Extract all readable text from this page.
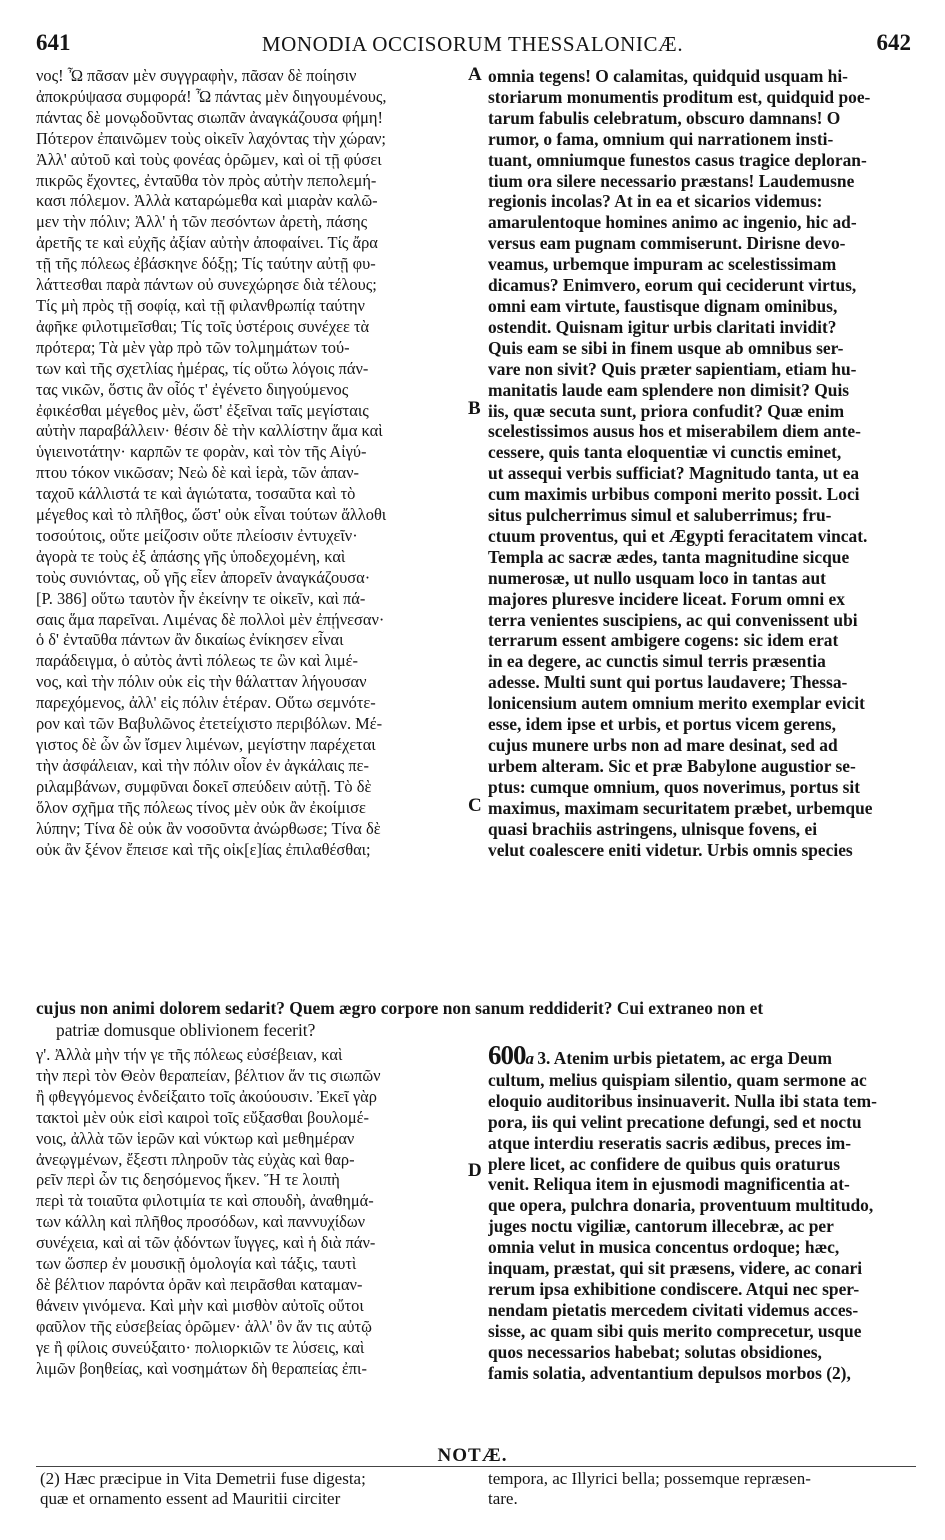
641	MONODIA OCCISORUM THESSALONICÆ.	642
νος! Ὦ πᾶσαν μὲν συγγραφὴν, πᾶσαν δὲ ποίησιν
ἀποκρύψασα συμφορά! Ὦ πάντας μὲν διηγουμένους,
πάντας δὲ μονῳδοῦντας σιωπᾶν ἀναγκάζουσα φήμη!
Πότερον ἐπαινῶμεν τοὺς οἰκεῖν λαχόντας τὴν χώραν;
Ἀλλ' αὐτοῦ καὶ τοὺς φονέας ὁρῶμεν, καὶ οἱ τῇ φύσει
πικρῶς ἔχοντες, ἐνταῦθα τὸν πρὸς αὐτὴν πεπολεμή-
κασι πόλεμον. Ἀλλὰ καταρώμεθα καὶ μιαρὰν καλῶ-
μεν τὴν πόλιν; Ἀλλ' ἡ τῶν πεσόντων ἀρετὴ, πάσης
ἀρετῆς τε καὶ εὐχῆς ἀξίαν αὐτὴν ἀποφαίνει. Τίς ἄρα
τῇ τῆς πόλεως ἐβάσκηνε δόξῃ; Τίς ταύτην αὐτῇ φυ-
λάττεσθαι παρὰ πάντων οὐ συνεχώρησε διὰ τέλους;
Τίς μὴ πρὸς τῇ σοφίᾳ, καὶ τῇ φιλανθρωπίᾳ ταύτην
ἀφῆκε φιλοτιμεῖσθαι; Τίς τοῖς ὑστέροις συνέχεε τὰ
πρότερα; Τὰ μὲν γὰρ πρὸ τῶν τολμημάτων τού-
των καὶ τῆς σχετλίας ἡμέρας, τίς οὕτω λόγοις πάν-
τας νικῶν, ὅστις ἂν οἷός τ' ἐγένετο διηγούμενος
ἐφικέσθαι μέγεθος μὲν, ὥστ' ἐξεῖναι ταῖς μεγίσταις
αὐτὴν παραβάλλειν· θέσιν δὲ τὴν καλλίστην ἅμα καὶ
ὑγιεινοτάτην· καρπῶν τε φορὰν, καὶ τὸν τῆς Αἰγύ-
πτου τόκον νικῶσαν; Νεὼ δὲ καὶ ἱερὰ, τῶν ἁπαν-
ταχοῦ κάλλιστά τε καὶ ἁγιώτατα, τοσαῦτα καὶ τὸ
μέγεθος καὶ τὸ πλῆθος, ὥστ' οὐκ εἶναι τούτων ἄλλοθι
τοσούτοις, οὔτε μείζοσιν οὔτε πλείοσιν ἐντυχεῖν·
ἀγορὰ τε τοὺς ἐξ ἁπάσης γῆς ὑποδεχομένη, καὶ
τοὺς συνιόντας, οὗ γῆς εἶεν ἀπορεῖν ἀναγκάζουσα·
[P. 386] οὕτω ταυτὸν ἦν ἐκείνην τε οἰκεῖν, καὶ πά-
σαις ἅμα παρεῖναι. Λιμένας δὲ πολλοὶ μὲν ἐπῄνεσαν·
ὁ δ' ἐνταῦθα πάντων ἂν δικαίως ἐνίκησεν εἶναι
παράδειγμα, ὁ αὐτὸς ἀντὶ πόλεως τε ὢν καὶ λιμέ-
νος, καὶ τὴν πόλιν οὐκ εἰς τὴν θάλατταν λήγουσαν
παρεχόμενος, ἀλλ' εἰς πόλιν ἑτέραν. Οὕτω σεμνότε-
ρον καὶ τῶν Βαβυλῶνος ἐτετείχιστο περιβόλων. Μέ-
γιστος δὲ ὧν ὧν ἴσμεν λιμένων, μεγίστην παρέχεται
τὴν ἀσφάλειαν, καὶ τὴν πόλιν οἷον ἐν ἀγκάλαις πε-
ριλαμβάνων, συμφῦναι δοκεῖ σπεύδειν αὐτῇ. Τὸ δὲ
ὅλον σχῆμα τῆς πόλεως τίνος μὲν οὐκ ἂν ἐκοίμισε
λύπην; Τίνα δὲ οὐκ ἂν νοσοῦντα ἀνώρθωσε; Τίνα δὲ
οὐκ ἂν ξένον ἔπεισε καὶ τῆς οἰκ[ε]ίας ἐπιλαθέσθαι;
omnia tegens! O calamitas, quidquid usquam hi-
storiarum monumentis proditum est, quidquid poe-
tarum fabulis celebratum, obscuro damnans! O
rumor, o fama, omnium qui narrationem insti-
tuant, omniumque funestos casus tragice deploran-
tium ora silere necessario præstans! Laudemusne
regionis incolas? At in ea et sicarios videmus:
amarulentoque homines animo ac ingenio, hic ad-
versus eam pugnam commiserunt. Dirisne devo-
veamus, urbemque impuram ac scelestissimam
dicamus? Enimvero, eorum qui ceciderunt virtus,
omni eam virtute, faustisque dignam ominibus,
ostendit. Quisnam igitur urbis claritati invidit?
Quis eam se sibi in finem usque ab omnibus ser-
vare non sivit? Quis præter sapientiam, etiam hu-
manitatis laude eam splendere non dimisit? Quis
iis, quæ secuta sunt, priora confudit? Quæ enim
scelestissimos ausus hos et miserabilem diem ante-
cessere, quis tanta eloquentiæ vi cunctis eminet,
ut assequi verbis sufficiat? Magnitudo tanta, ut ea
cum maximis urbibus componi merito possit. Loci
situs pulcherrimus simul et saluberrimus; fru-
ctuum proventus, qui et Ægypti feracitatem vincat.
Templa ac sacræ ædes, tanta magnitudine sicque
numerosæ, ut nullo usquam loco in tantas aut
majores pluresve incidere liceat. Forum omni ex
terra venientes suscipiens, ac qui convenissent ubi
terrarum essent ambigere cogens: sic idem erat
in ea degere, ac cunctis simul terris præsentia
adesse. Multi sunt qui portus laudavere; Thessa-
lonicensium autem omnium merito exemplar evicit
esse, idem ipse et urbis, et portus vicem gerens,
cujus munere urbs non ad mare desinat, sed ad
urbem alteram. Sic et præ Babylone augustior se-
ptus: cumque omnium, quos noverimus, portus sit
maximus, maximam securitatem præbet, urbemque
quasi brachiis astringens, ulnisque fovens, ei
velut coalescere eniti videtur. Urbis omnis species
A
B
C
D
cujus non animi dolorem sedarit? Quem ægro corpore non sanum reddiderit? Cui extraneo non et
patriæ domusque oblivionem fecerit?
γ'. Ἀλλὰ μὴν τήν γε τῆς πόλεως εὐσέβειαν, καὶ
τὴν περὶ τὸν Θεὸν θεραπείαν, βέλτιον ἄν τις σιωπῶν
ἢ φθεγγόμενος ἐνδείξαιτο τοῖς ἀκούουσιν. Ἐκεῖ γὰρ
τακτοὶ μὲν οὐκ εἰσὶ καιροὶ τοῖς εὔξασθαι βουλομέ-
νοις, ἀλλὰ τῶν ἱερῶν καὶ νύκτωρ καὶ μεθημέραν
ἀνεῳγμένων, ἔξεστι πληροῦν τὰς εὐχὰς καὶ θαρ-
ρεῖν περὶ ὧν τις δεησόμενος ἥκεν. Ἥ τε λοιπὴ
περὶ τὰ τοιαῦτα φιλοτιμία τε καὶ σπουδὴ, ἀναθημά-
των κάλλη καὶ πλῆθος προσόδων, καὶ παννυχίδων
συνέχεια, καὶ αἱ τῶν ᾀδόντων ἴυγγες, καὶ ἡ διὰ πάν-
των ὥσπερ ἐν μουσικῇ ὁμολογία καὶ τάξις, ταυτὶ
δὲ βέλτιον παρόντα ὁρᾶν καὶ πειρᾶσθαι καταμαν-
θάνειν γινόμενα. Καὶ μὴν καὶ μισθὸν αὐτοῖς οὔτοι
φαῦλον τῆς εὐσεβείας ὁρῶμεν· ἀλλ' ὃν ἄν τις αὐτῷ
γε ἢ φίλοις συνεύξαιτο· πολιορκιῶν τε λύσεις, καὶ
λιμῶν βοηθείας, καὶ νοσημάτων δὴ θεραπείας ἐπι-
600a 3. Atenim urbis pietatem, ac erga Deum
cultum, melius quispiam silentio, quam sermone ac
eloquio auditoribus insinuaverit. Nulla ibi stata tem-
pora, iis qui velint precatione defungi, sed et noctu
atque interdiu reseratis sacris ædibus, preces im-
plere licet, ac confidere de quibus quis oraturus
venit. Reliqua item in ejusmodi magnificentia at-
que opera, pulchra donaria, proventuum multitudo,
juges noctu vigiliæ, cantorum illecebræ, ac per
omnia velut in musica concentus ordoque; hæc,
inquam, præstat, qui sit præsens, videre, ac conari
rerum ipsa exhibitione condiscere. Atqui nec sper-
nendam pietatis mercedem civitati videmus acces-
sisse, ac quam sibi quis merito comprecetur, usque
quos necessarios habebat; solutas obsidiones,
famis solatia, adventantium depulsos morbos (2),
NOTÆ.
(2) Hæc præcipue in Vita Demetrii fuse digesta;
quæ et ornamento essent ad Mauritii circiter
tempora, ac Illyrici bella; possemque repræsen-
tare.
